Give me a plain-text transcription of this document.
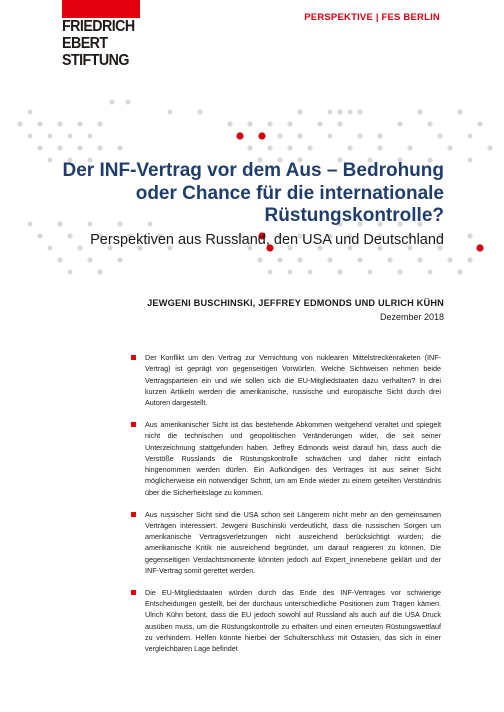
FRIEDRICH
EBERT
STIFTUNG
PERSPEKTIVE | FES BERLIN
Der INF-Vertrag vor dem Aus – Bedrohung oder Chance für die internationale Rüstungskontrolle?

Perspektiven aus Russland, den USA und Deutschland

JEWGENI BUSCHINSKI, JEFFREY EDMONDS UND ULRICH KÜHN
Dezember 2018
Der Konflikt um den Vertrag zur Vernichtung von nuklearen Mittelstreckenraketen (INF-Vertrag) ist geprägt von gegenseitigen Vorwürfen. Welche Sichtweisen nehmen beide Vertragsparteien ein und wie sollen sich die EU-Mitgliedstaaten dazu verhalten? In drei kurzen Artikeln werden die amerikanische, russische und europäische Sicht durch drei Autoren dargestellt.
Aus amerikanischer Sicht ist das bestehende Abkommen weitgehend veraltet und spiegelt nicht die technischen und geopolitischen Veränderungen wider, die seit seiner Unterzeichnung stattgefunden haben. Jeffrey Edmonds weist darauf hin, dass auch die Verstöße Russlands die Rüstungskontrolle schwächen und daher nicht einfach hingenommen werden dürfen. Ein Aufkündigen des Vertrages ist aus seiner Sicht möglicherweise ein notwendiger Schritt, um am Ende wieder zu einem geteilten Verständnis über die Sicherheitslage zu kommen.
Aus russischer Sicht sind die USA schon seit Längerem nicht mehr an den gemeinsamen Verträgen interessiert. Jewgeni Buschinski verdeutlicht, dass die russischen Sorgen um amerikanische Vertragsverletzungen nicht ausreichend berücksichtigt wurden; die amerikanische Kritik nie ausreichend begründet, um darauf reagieren zu können. Die gegenseitigen Verdachtsmomente könnten jedoch auf Expert_innenebene geklärt und der INF-Vertrag somit gerettet werden.
Die EU-Mitgliedstaaten würden durch das Ende des INF-Vertrages vor schwierige Entscheidungen gestellt, bei der durchaus unterschiedliche Positionen zum Tragen kämen. Ulrich Kühn betont, dass die EU jedoch sowohl auf Russland als auch auf die USA Druck ausüben muss, um die Rüstungskontrolle zu erhalten und einen erneuten Rüstungswettlauf zu verhindern. Helfen könnte hierbei der Schulterschluss mit Ostasien, das sich in einer vergleichbaren Lage befindet
